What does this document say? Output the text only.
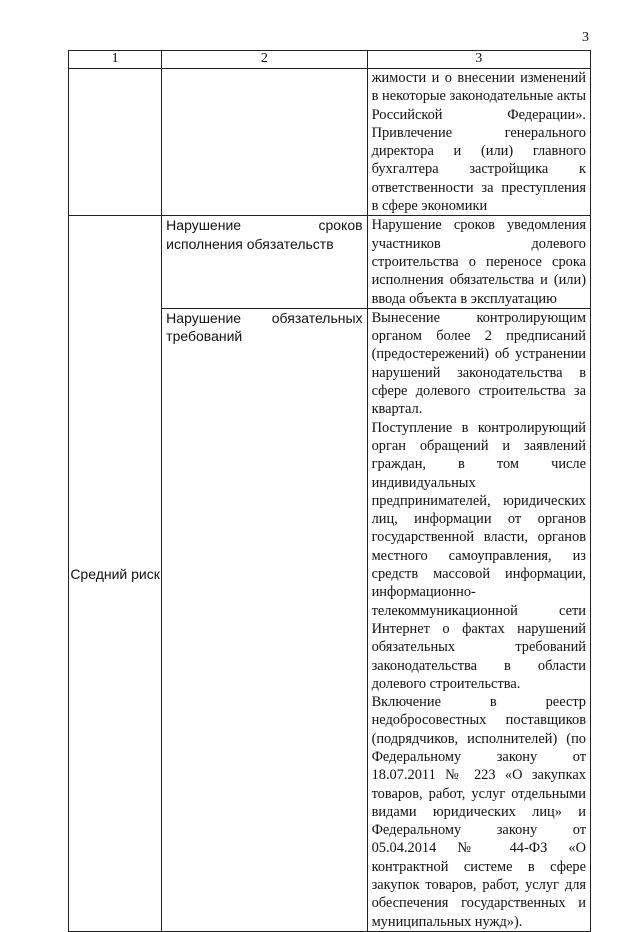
3
1	2	3

		жимости и о внесении изменений в некоторые законодательные акты Российской Федерации». Привлечение генерального директора и (или) главного бухгалтера застройщика к ответственности за преступления в сфере экономики

Средний риск	Нарушение сроков исполнения обязательств	Нарушение сроков уведомления участников долевого строительства о переносе срока исполнения обязательства и (или) ввода объекта в эксплуатацию

	Нарушение обязательных требований	Вынесение контролирующим органом более 2 предписаний (предостережений) об устранении нарушений законодательства в сфере долевого строительства за квартал.

Поступление в контролирующий орган обращений и заявлений граждан, в том числе индивидуальных предпринимателей, юридических лиц, информации от органов государственной власти, органов местного самоуправления, из средств массовой информации, информационно-телекоммуникационной сети Интернет о фактах нарушений обязательных требований законодательства в области долевого строительства.

Включение в реестр недобросовестных поставщиков (подрядчиков, исполнителей) (по Федеральному закону от 18.07.2011 № 223 «О закупках товаров, работ, услуг отдельными видами юридических лиц» и Федеральному закону от 05.04.2014 № 44-ФЗ «О контрактной системе в сфере закупок товаров, работ, услуг для обеспечения государственных и муниципальных нужд»).
